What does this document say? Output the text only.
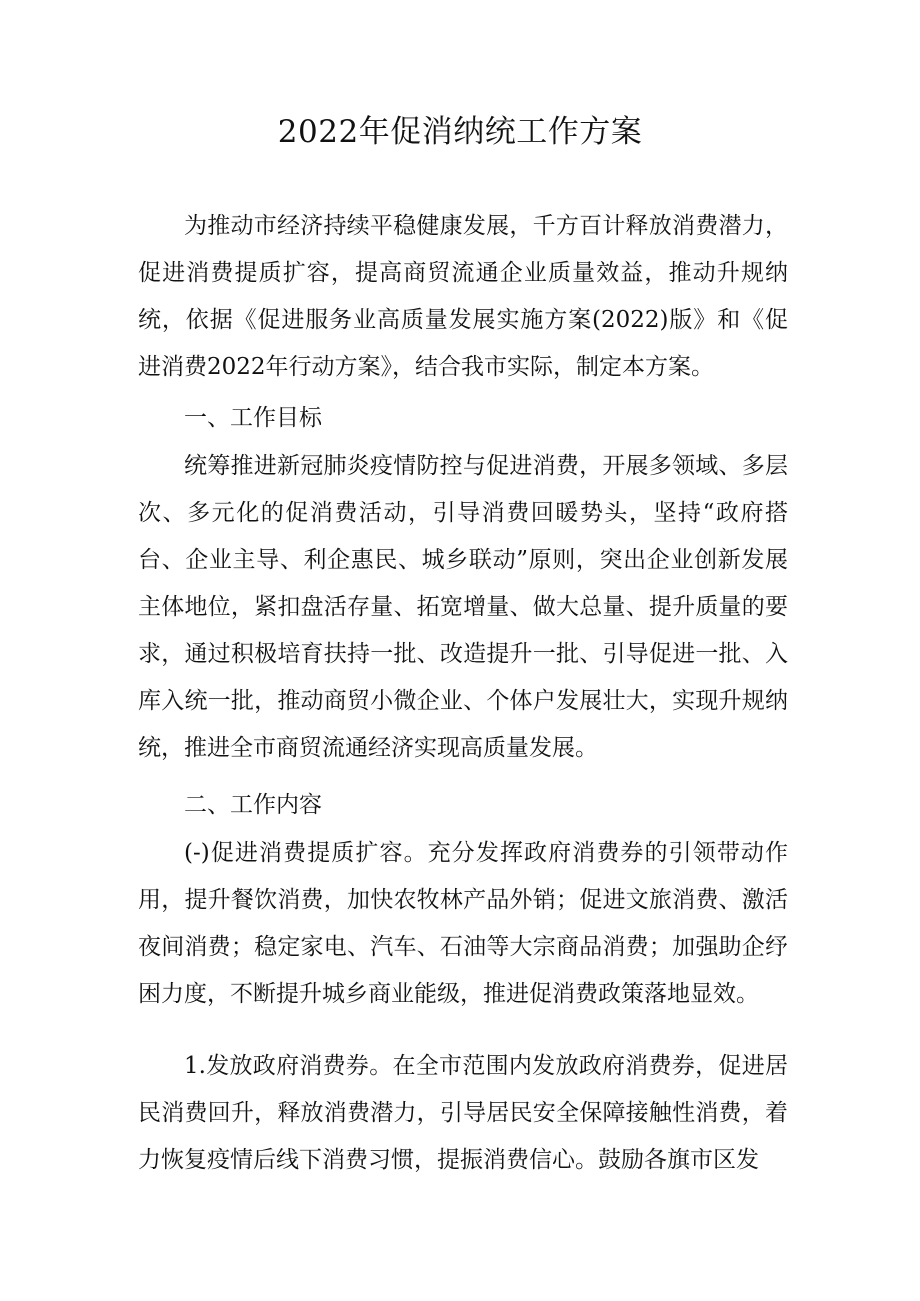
2022年促消纳统工作方案
为推动市经济持续平稳健康发展，千方百计释放消费潜力，促进消费提质扩容，提高商贸流通企业质量效益，推动升规纳统，依据《促进服务业高质量发展实施方案(2022)版》和《促进消费2022年行动方案》，结合我市实际，制定本方案。
一、工作目标
统筹推进新冠肺炎疫情防控与促进消费，开展多领域、多层次、多元化的促消费活动，引导消费回暖势头，坚持“政府搭台、企业主导、利企惠民、城乡联动”原则，突出企业创新发展主体地位，紧扣盘活存量、拓宽增量、做大总量、提升质量的要求，通过积极培育扶持一批、改造提升一批、引导促进一批、入库入统一批，推动商贸小微企业、个体户发展壮大，实现升规纳统，推进全市商贸流通经济实现高质量发展。
二、工作内容
(-)促进消费提质扩容。充分发挥政府消费券的引领带动作用，提升餐饮消费，加快农牧林产品外销；促进文旅消费、激活夜间消费；稳定家电、汽车、石油等大宗商品消费；加强助企纾困力度，不断提升城乡商业能级，推进促消费政策落地显效。
1.发放政府消费券。在全市范围内发放政府消费券，促进居民消费回升，释放消费潜力，引导居民安全保障接触性消费，着力恢复疫情后线下消费习惯，提振消费信心。鼓励各旗市区发
